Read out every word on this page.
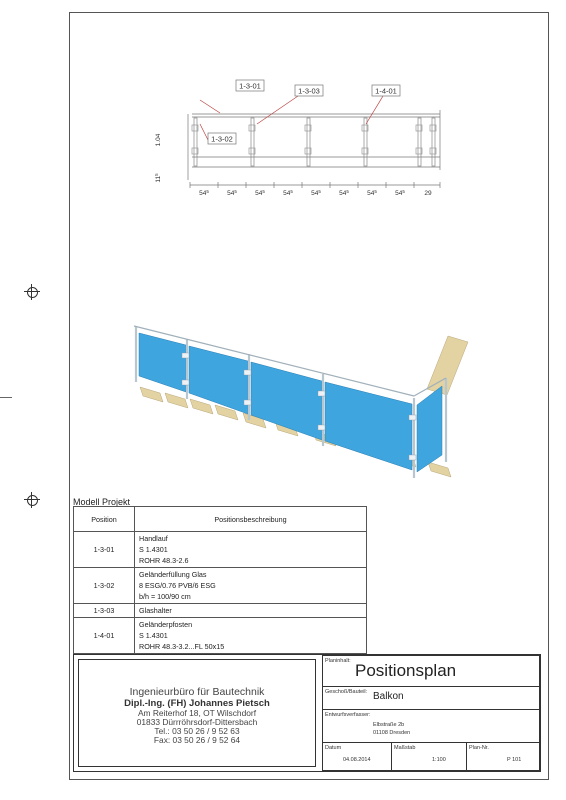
1-3-01
1-3-02
1-3-03	1-4-01
1.04
$11^5$
$54^5$	$54^5$	$54^5$	$54^5$	$54^5$	$54^5$	$54^5$	$54^5$	29
Modell Projekt
Position	Positionsbeschreibung
1-3-01	Handlauf
S 1.4301
ROHR 48.3-2.6

1-3-02	Geländerfüllung Glas
8 ESG/0.76 PVB/6 ESG
b/h = 100/90 cm

1-3-03	Glashalter

1-4-01	Geländerpfosten
S 1.4301
ROHR 48.3-3.2...FL 50x15
Ingenieurbüro für Bautechnik
Dipl.-Ing. (FH) Johannes Pietsch
Am Reiterhof 18, OT Wilschdorf
01833 Dürrröhrsdorf-Dittersbach
Tel.: 03 50 26 / 9 52 63
Fax: 03 50 26 / 9 52 64
Planinhalt: Positionsplan
Geschoß/Bauteil: Balkon
Entwurfsverfasser:
Elbstraße 2b
01108 Dresden
Datum
04.08.2014
Maßstab
1:100
Plan-Nr.
P 101
